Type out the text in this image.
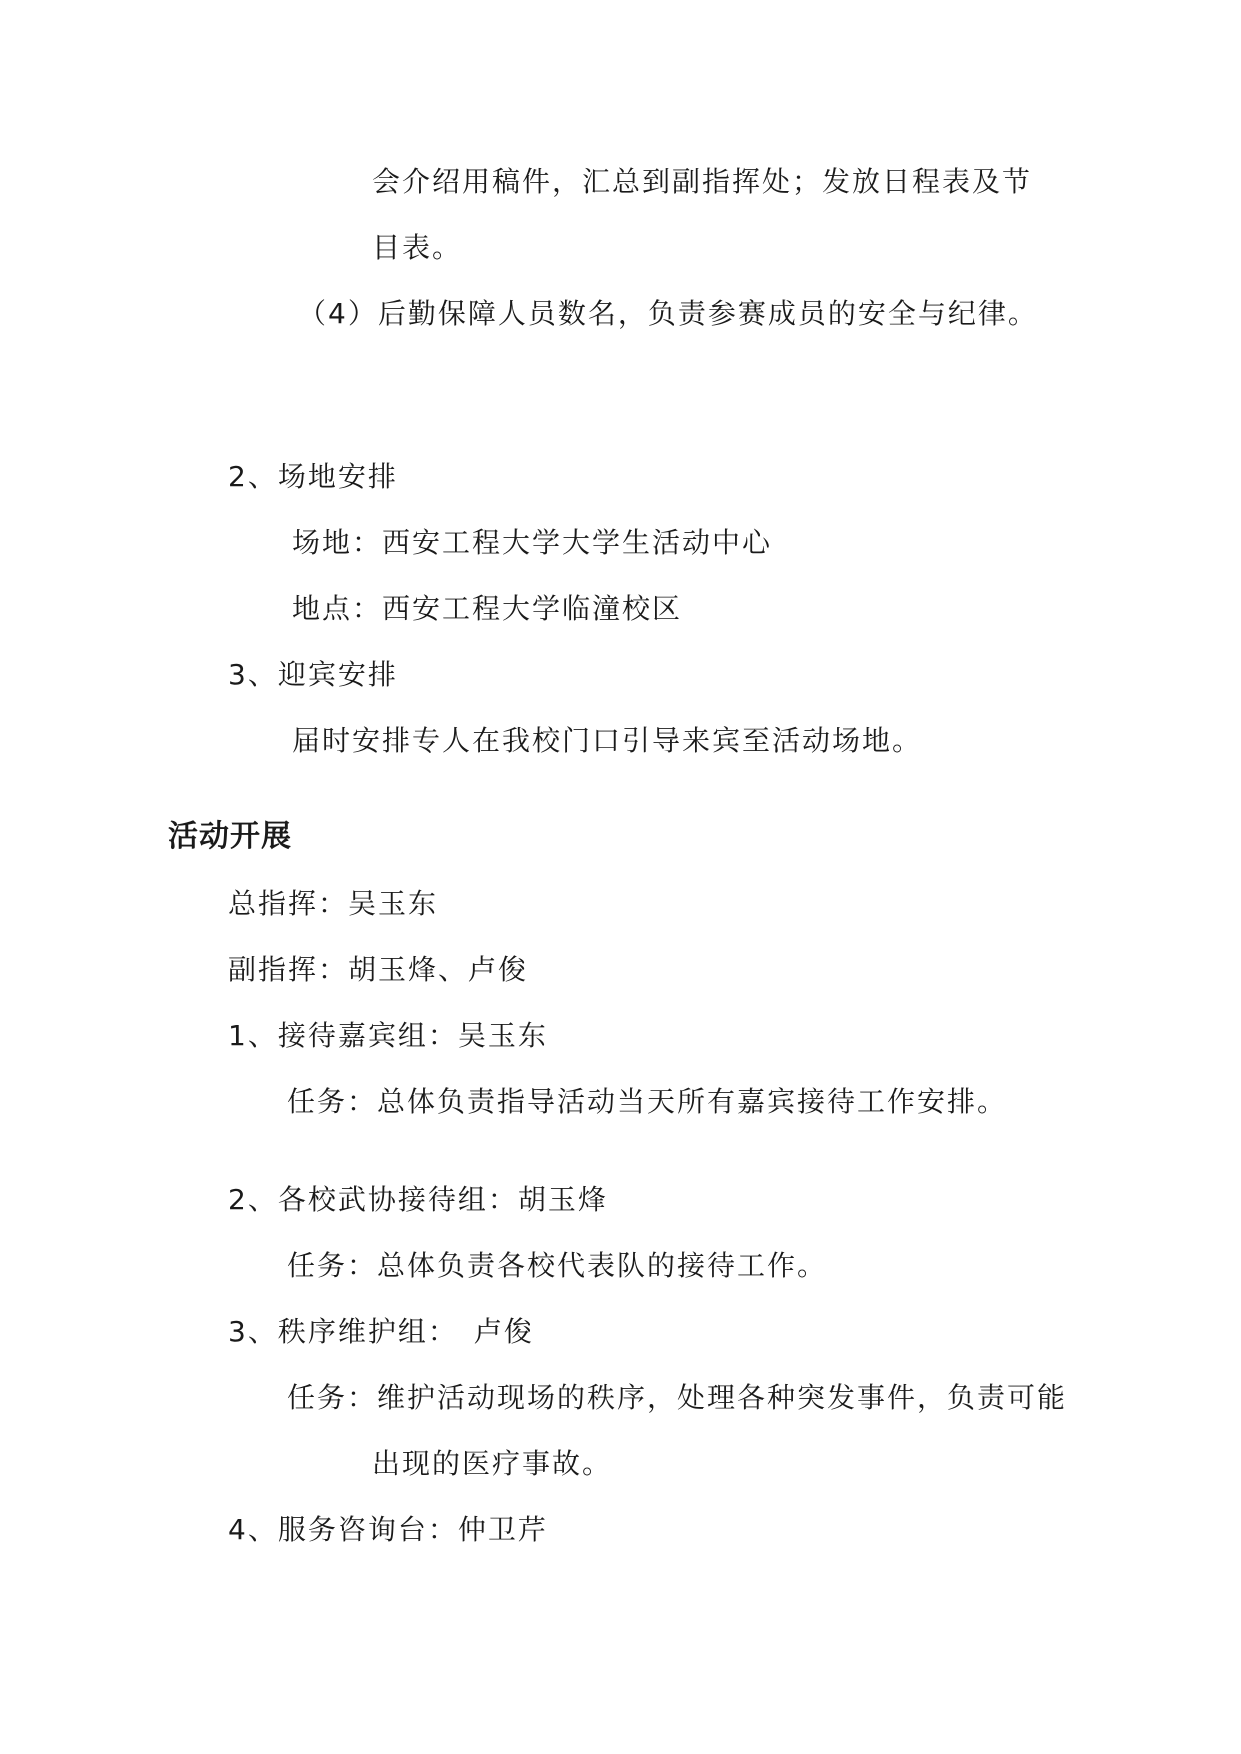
会介绍用稿件，汇总到副指挥处；发放日程表及节
目表。
（4）后勤保障人员数名，负责参赛成员的安全与纪律。
2、场地安排
场地：西安工程大学大学生活动中心
地点：西安工程大学临潼校区
3、迎宾安排
届时安排专人在我校门口引导来宾至活动场地。
活动开展
总指挥：吴玉东
副指挥：胡玉烽、卢俊
1、接待嘉宾组：吴玉东
任务：总体负责指导活动当天所有嘉宾接待工作安排。
2、各校武协接待组：胡玉烽
任务：总体负责各校代表队的接待工作。
3、秩序维护组：　卢俊
任务：维护活动现场的秩序，处理各种突发事件，负责可能
出现的医疗事故。
4、服务咨询台：仲卫芹
